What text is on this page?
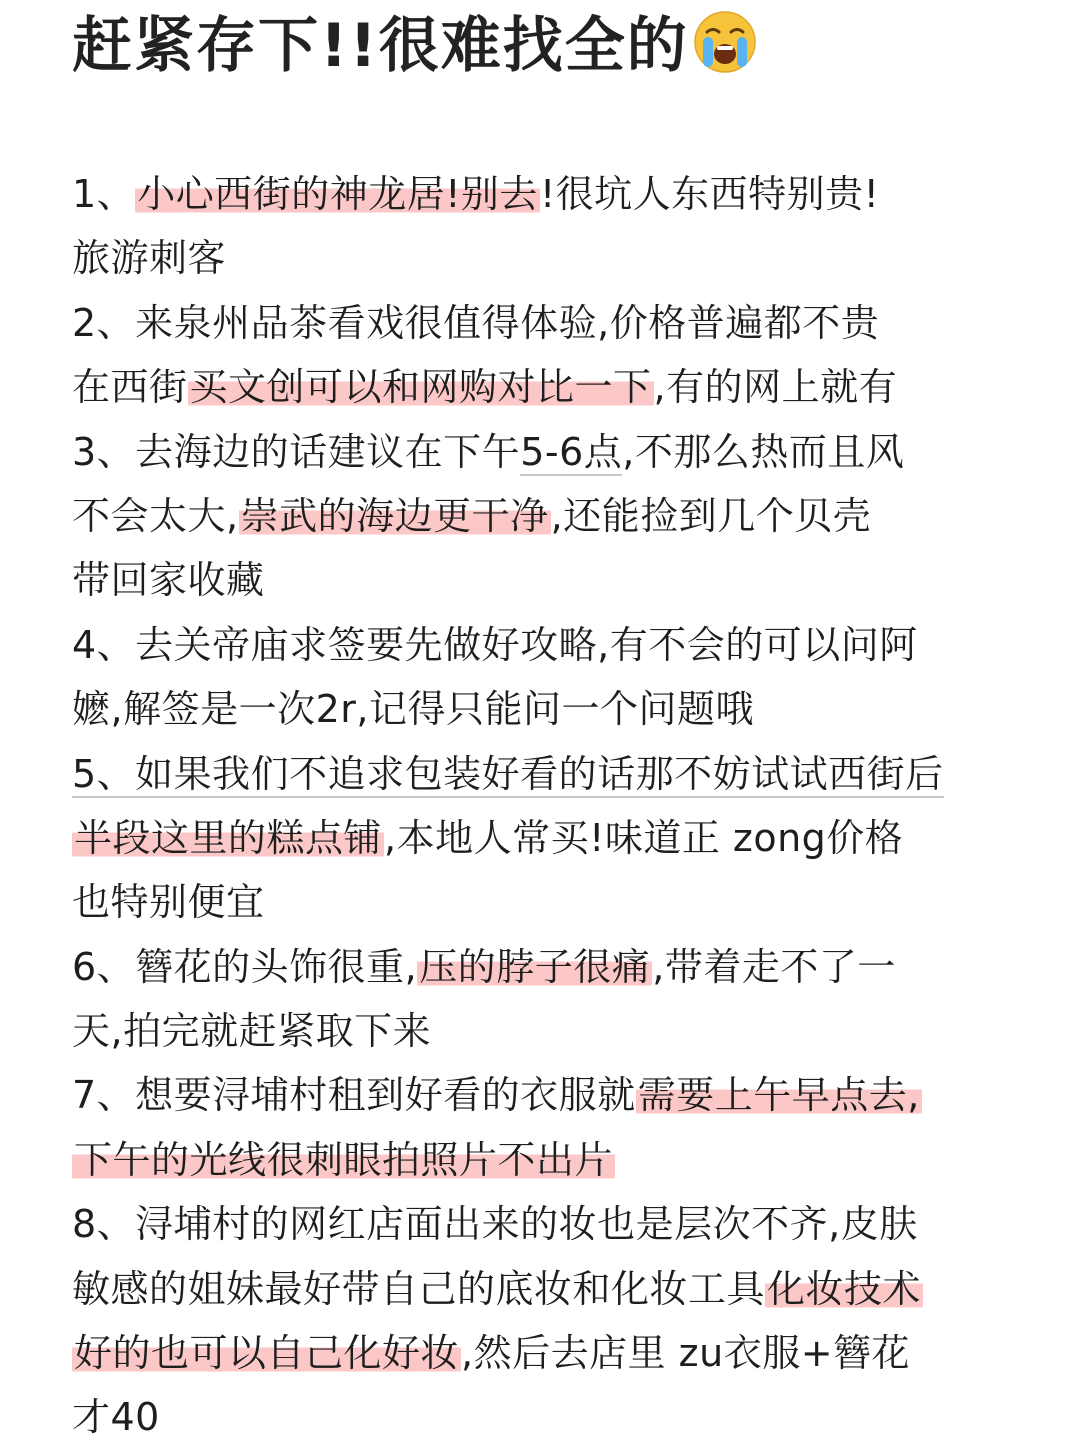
赶紧存下!!很难找全的
1、小心西街的神龙居!别去!很坑人东西特别贵!
旅游刺客
2、来泉州品茶看戏很值得体验,价格普遍都不贵
在西街买文创可以和网购对比一下,有的网上就有
3、去海边的话建议在下午5-6点,不那么热而且风
不会太大,崇武的海边更干净,还能捡到几个贝壳
带回家收藏
4、去关帝庙求签要先做好攻略,有不会的可以问阿
嬷,解签是一次2r,记得只能问一个问题哦
5、如果我们不追求包装好看的话那不妨试试西街后
半段这里的糕点铺,本地人常买!味道正 zong价格
也特别便宜
6、簪花的头饰很重,压的脖子很痛,带着走不了一
天,拍完就赶紧取下来
7、想要浔埔村租到好看的衣服就需要上午早点去,
下午的光线很刺眼拍照片不出片
8、浔埔村的网红店面出来的妆也是层次不齐,皮肤
敏感的姐妹最好带自己的底妆和化妆工具化妆技术
好的也可以自己化好妆,然后去店里 zu衣服+簪花
才40
